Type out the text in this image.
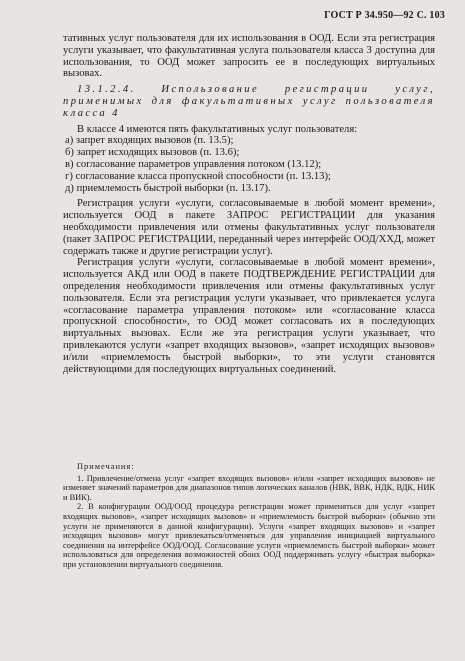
ГОСТ Р 34.950—92 С. 103

тативных услуг пользователя для их использования в ООД. Если эта регистрация услуги указывает, что факультативная услуга пользователя класса 3 доступна для использования, то ООД может запросить ее в последующих виртуальных вызовах.

13.1.2.4. Использование регистрации услуг, применимых для факультативных услуг пользователя класса 4

В классе 4 имеются пять факультативных услуг пользователя:

а) запрет входящих вызовов (п. 13.5);
б) запрет исходящих вызовов (п. 13.6);
в) согласование параметров управления потоком (13.12);
г) согласование класса пропускной способности (п. 13.13);
д) приемлемость быстрой выборки (п. 13.17).

Регистрация услуги «услуги, согласовываемые в любой момент времени», используется ООД в пакете ЗАПРОС РЕГИСТРАЦИИ для указания необходимости привлечения или отмены факультативных услуг пользователя (пакет ЗАПРОС РЕГИСТРАЦИИ, переданный через интерфейс ООД/ХХД, может содержать также и другие регистрации услуг).

Регистрация услуги «услуги, согласовываемые в любой момент времени», используется АКД или ООД в пакете ПОДТВЕРЖДЕНИЕ РЕГИСТРАЦИИ для определения необходимости привлечения или отмены факультативных услуг пользователя. Если эта регистрация услуги указывает, что привлекается услуга «согласование параметра управления потоком» или «согласование класса пропускной способности», то ООД может согласовать их в последующих виртуальных вызовах. Если же эта регистрация услуги указывает, что привлекаются услуги «запрет входящих вызовов», «запрет исходящих вызовов» и/или «приемлемость быстрой выборки», то эти услуги становятся действующими для последующих виртуальных соединений.

Примечания:

1. Привлечение/отмена услуг «запрет входящих вызовов» и/или «запрет исходящих вызовов» не изменяет значений параметров для диапазонов типов логических каналов (НВК, ВВК, НДК, ВДК, НИК и ВИК).

2. В конфигурации ООД/ООД процедура регистрации может применяться для услуг «запрет входящих вызовов», «запрет исходящих вызовов» и «приемлемость быстрой выборки» (обычно эти услуги не применяются в данной конфигурации). Услуги «запрет входящих вызовов» и «запрет исходящих вызовов» могут привлекаться/отменяться для управления инициацией виртуального соединения на интерфейсе ООД/ООД. Согласование услуги «приемлемость быстрой выборки» может использоваться для определения возможностей обоих ООД поддерживать услугу «быстрая выборка» при установлении виртуального соединения.
